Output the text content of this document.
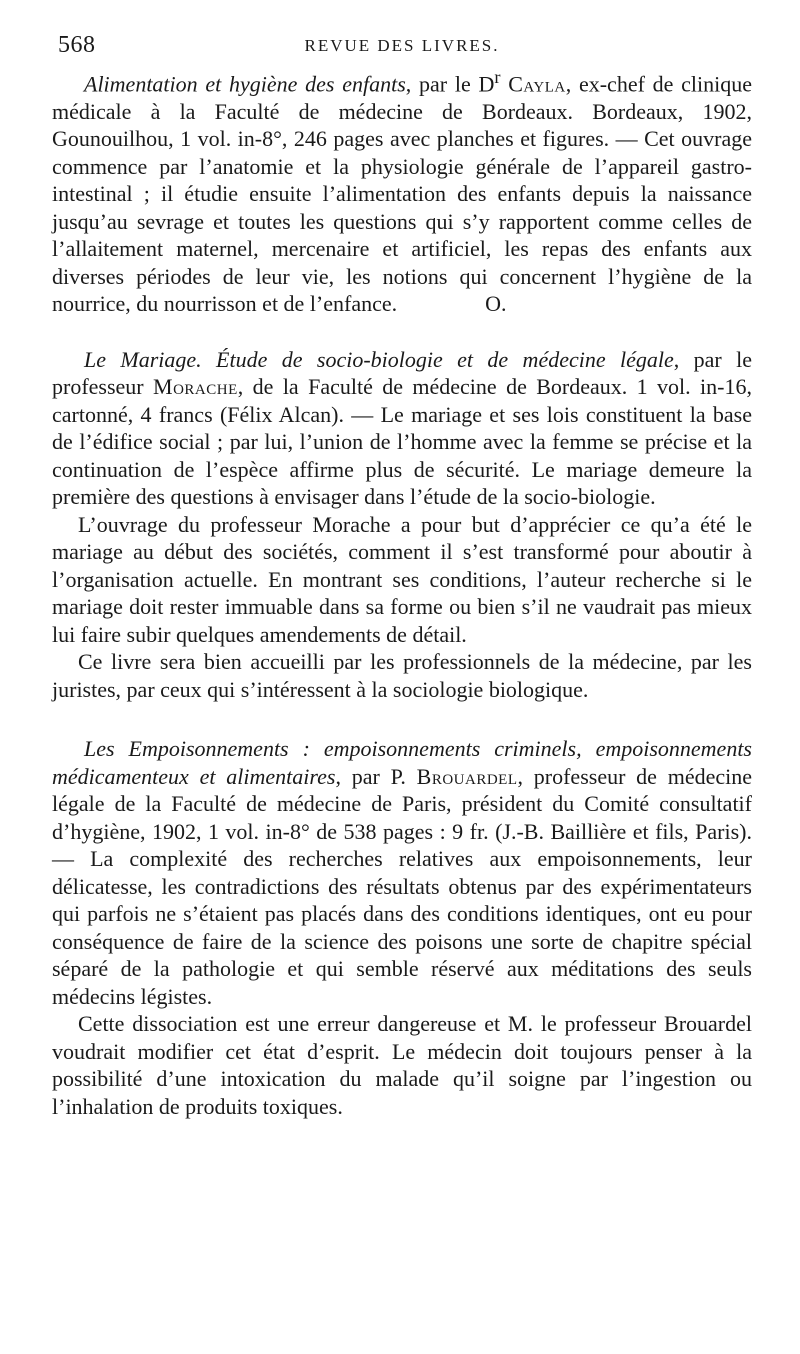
568	REVUE DES LIVRES.

Alimentation et hygiène des enfants, par le $D^r$ Cayla, ex-chef de clinique médicale à la Faculté de médecine de Bordeaux. Bordeaux, 1902, Gounouilhou, 1 vol. in-8°, 246 pages avec planches et figures. — Cet ouvrage commence par l’anatomie et la physiologie générale de l’appareil gastro-intestinal ; il étudie ensuite l’alimentation des enfants depuis la naissance jusqu’au sevrage et toutes les questions qui s’y rapportent comme celles de l’allaitement maternel, mercenaire et artificiel, les repas des enfants aux diverses périodes de leur vie, les notions qui concernent l’hygiène de la nourrice, du nourrisson et de l’enfance.	O.

Le Mariage. Étude de socio-biologie et de médecine légale, par le professeur Morache, de la Faculté de médecine de Bordeaux. 1 vol. in-16, cartonné, 4 francs (Félix Alcan). — Le mariage et ses lois constituent la base de l’édifice social ; par lui, l’union de l’homme avec la femme se précise et la continuation de l’espèce affirme plus de sécurité. Le mariage demeure la première des questions à envisager dans l’étude de la socio-biologie.

L’ouvrage du professeur Morache a pour but d’apprécier ce qu’a été le mariage au début des sociétés, comment il s’est transformé pour aboutir à l’organisation actuelle. En montrant ses conditions, l’auteur recherche si le mariage doit rester immuable dans sa forme ou bien s’il ne vaudrait pas mieux lui faire subir quelques amendements de détail.

Ce livre sera bien accueilli par les professionnels de la médecine, par les juristes, par ceux qui s’intéressent à la sociologie biologique.

Les Empoisonnements : empoisonnements criminels, empoisonnements médicamenteux et alimentaires, par P. Brouardel, professeur de médecine légale de la Faculté de médecine de Paris, président du Comité consultatif d’hygiène, 1902, 1 vol. in-8° de 538 pages : 9 fr. (J.-B. Baillière et fils, Paris). — La complexité des recherches relatives aux empoisonnements, leur délicatesse, les contradictions des résultats obtenus par des expérimentateurs qui parfois ne s’étaient pas placés dans des conditions identiques, ont eu pour conséquence de faire de la science des poisons une sorte de chapitre spécial séparé de la pathologie et qui semble réservé aux méditations des seuls médecins légistes.

Cette dissociation est une erreur dangereuse et M. le professeur Brouardel voudrait modifier cet état d’esprit. Le médecin doit toujours penser à la possibilité d’une intoxication du malade qu’il soigne par l’ingestion ou l’inhalation de produits toxiques.
